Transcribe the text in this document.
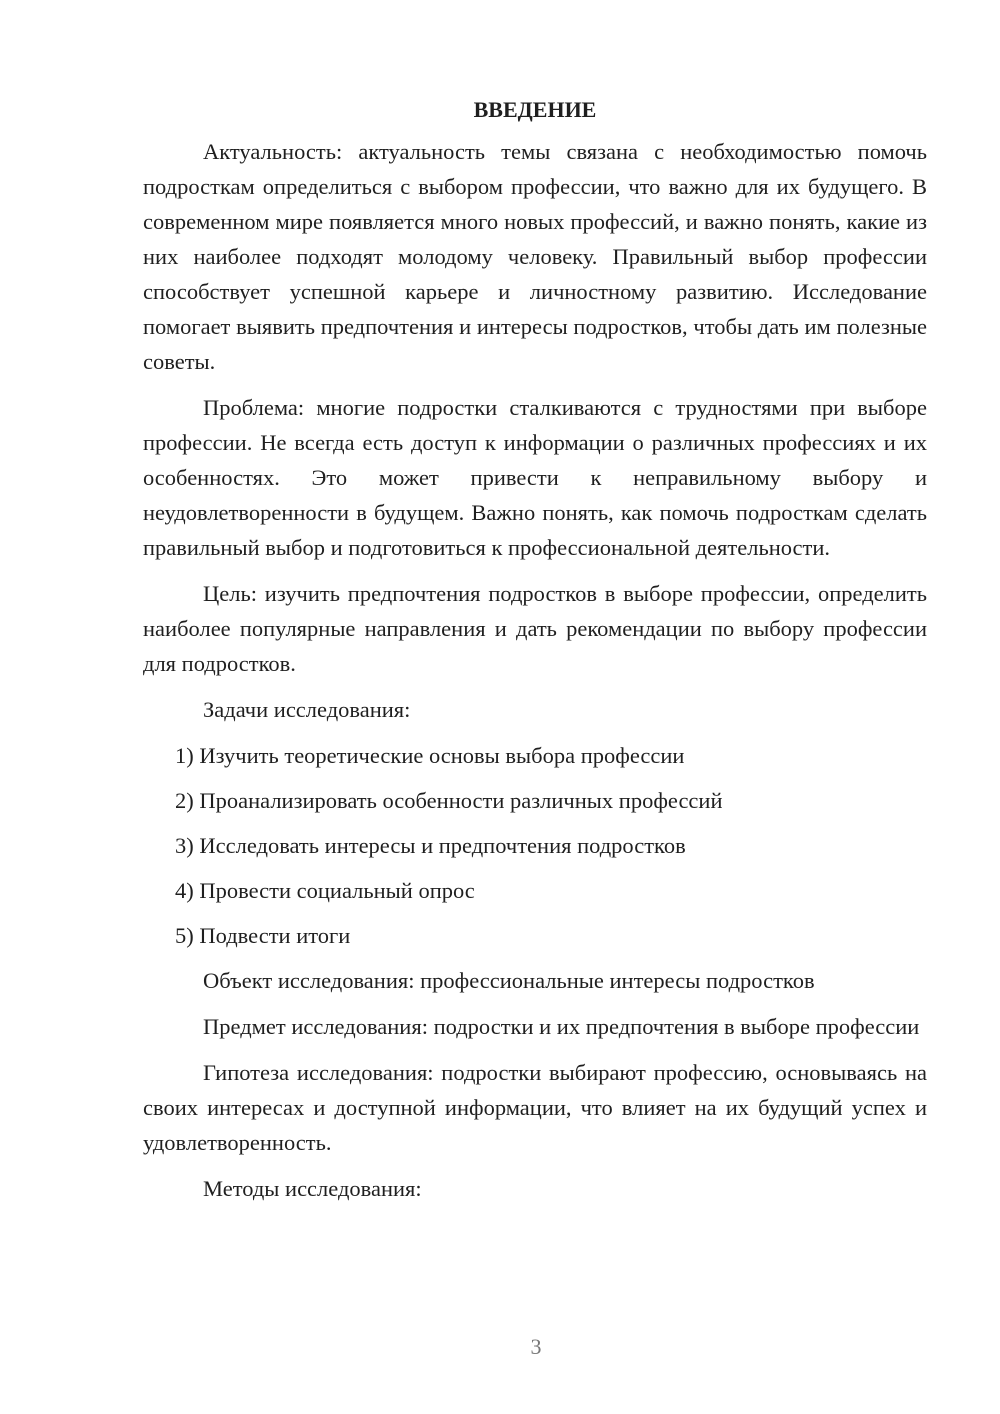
ВВЕДЕНИЕ

Актуальность: актуальность темы связана с необходимостью помочь подросткам определиться с выбором профессии, что важно для их будущего. В современном мире появляется много новых профессий, и важно понять, какие из них наиболее подходят молодому человеку. Правильный выбор профессии способствует успешной карьере и личностному развитию. Исследование помогает выявить предпочтения и интересы подростков, чтобы дать им полезные советы.

Проблема: многие подростки сталкиваются с трудностями при выборе профессии. Не всегда есть доступ к информации о различных профессиях и их особенностях. Это может привести к неправильному выбору и неудовлетворенности в будущем. Важно понять, как помочь подросткам сделать правильный выбор и подготовиться к профессиональной деятельности.

Цель: изучить предпочтения подростков в выборе профессии, определить наиболее популярные направления и дать рекомендации по выбору профессии для подростков.

Задачи исследования:

1) Изучить теоретические основы выбора профессии

2) Проанализировать особенности различных профессий

3) Исследовать интересы и предпочтения подростков

4) Провести социальный опрос

5) Подвести итоги

Объект исследования: профессиональные интересы подростков

Предмет исследования: подростки и их предпочтения в выборе профессии

Гипотеза исследования: подростки выбирают профессию, основываясь на своих интересах и доступной информации, что влияет на их будущий успех и удовлетворенность.

Методы исследования:

3
